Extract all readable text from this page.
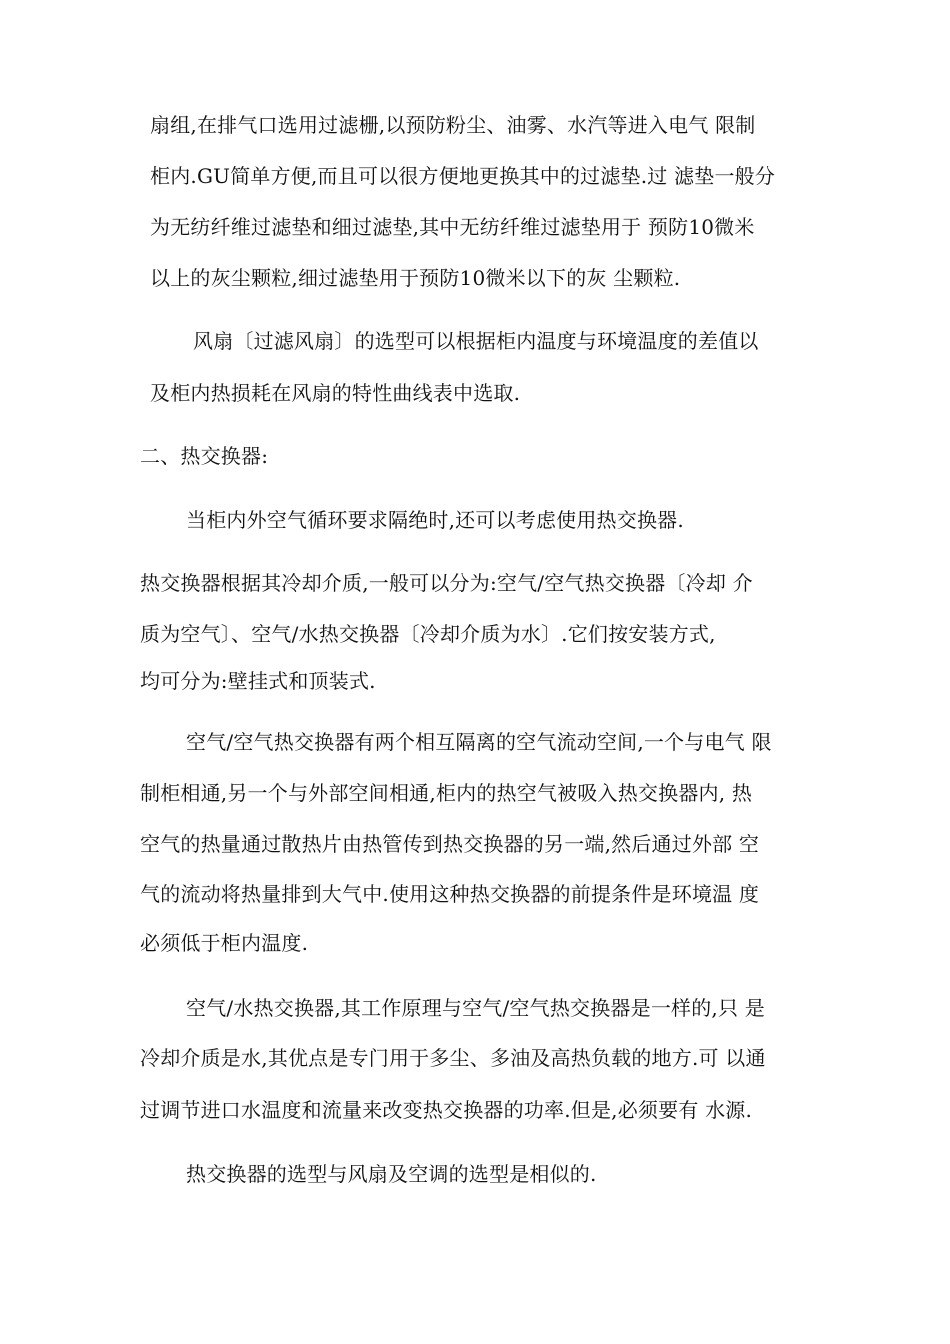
扇组,在排气口选用过滤栅,以预防粉尘、油雾、水汽等进入电气 限制
柜内.GU简单方便,而且可以很方便地更换其中的过滤垫.过 滤垫一般分
为无纺纤维过滤垫和细过滤垫,其中无纺纤维过滤垫用于 预防10微米
以上的灰尘颗粒,细过滤垫用于预防10微米以下的灰 尘颗粒.
风扇〔过滤风扇〕的选型可以根据柜内温度与环境温度的差值以
及柜内热损耗在风扇的特性曲线表中选取.
二、热交换器:
当柜内外空气循环要求隔绝时,还可以考虑使用热交换器.
热交换器根据其冷却介质,一般可以分为:空气/空气热交换器〔冷却 介
质为空气〕、空气/水热交换器〔冷却介质为水〕.它们按安装方式,
均可分为:壁挂式和顶装式.
空气/空气热交换器有两个相互隔离的空气流动空间,一个与电气 限
制柜相通,另一个与外部空间相通,柜内的热空气被吸入热交换器内, 热
空气的热量通过散热片由热管传到热交换器的另一端,然后通过外部 空
气的流动将热量排到大气中.使用这种热交换器的前提条件是环境温 度
必须低于柜内温度.
空气/水热交换器,其工作原理与空气/空气热交换器是一样的,只 是
冷却介质是水,其优点是专门用于多尘、多油及高热负载的地方.可 以通
过调节进口水温度和流量来改变热交换器的功率.但是,必须要有 水源.
热交换器的选型与风扇及空调的选型是相似的.
